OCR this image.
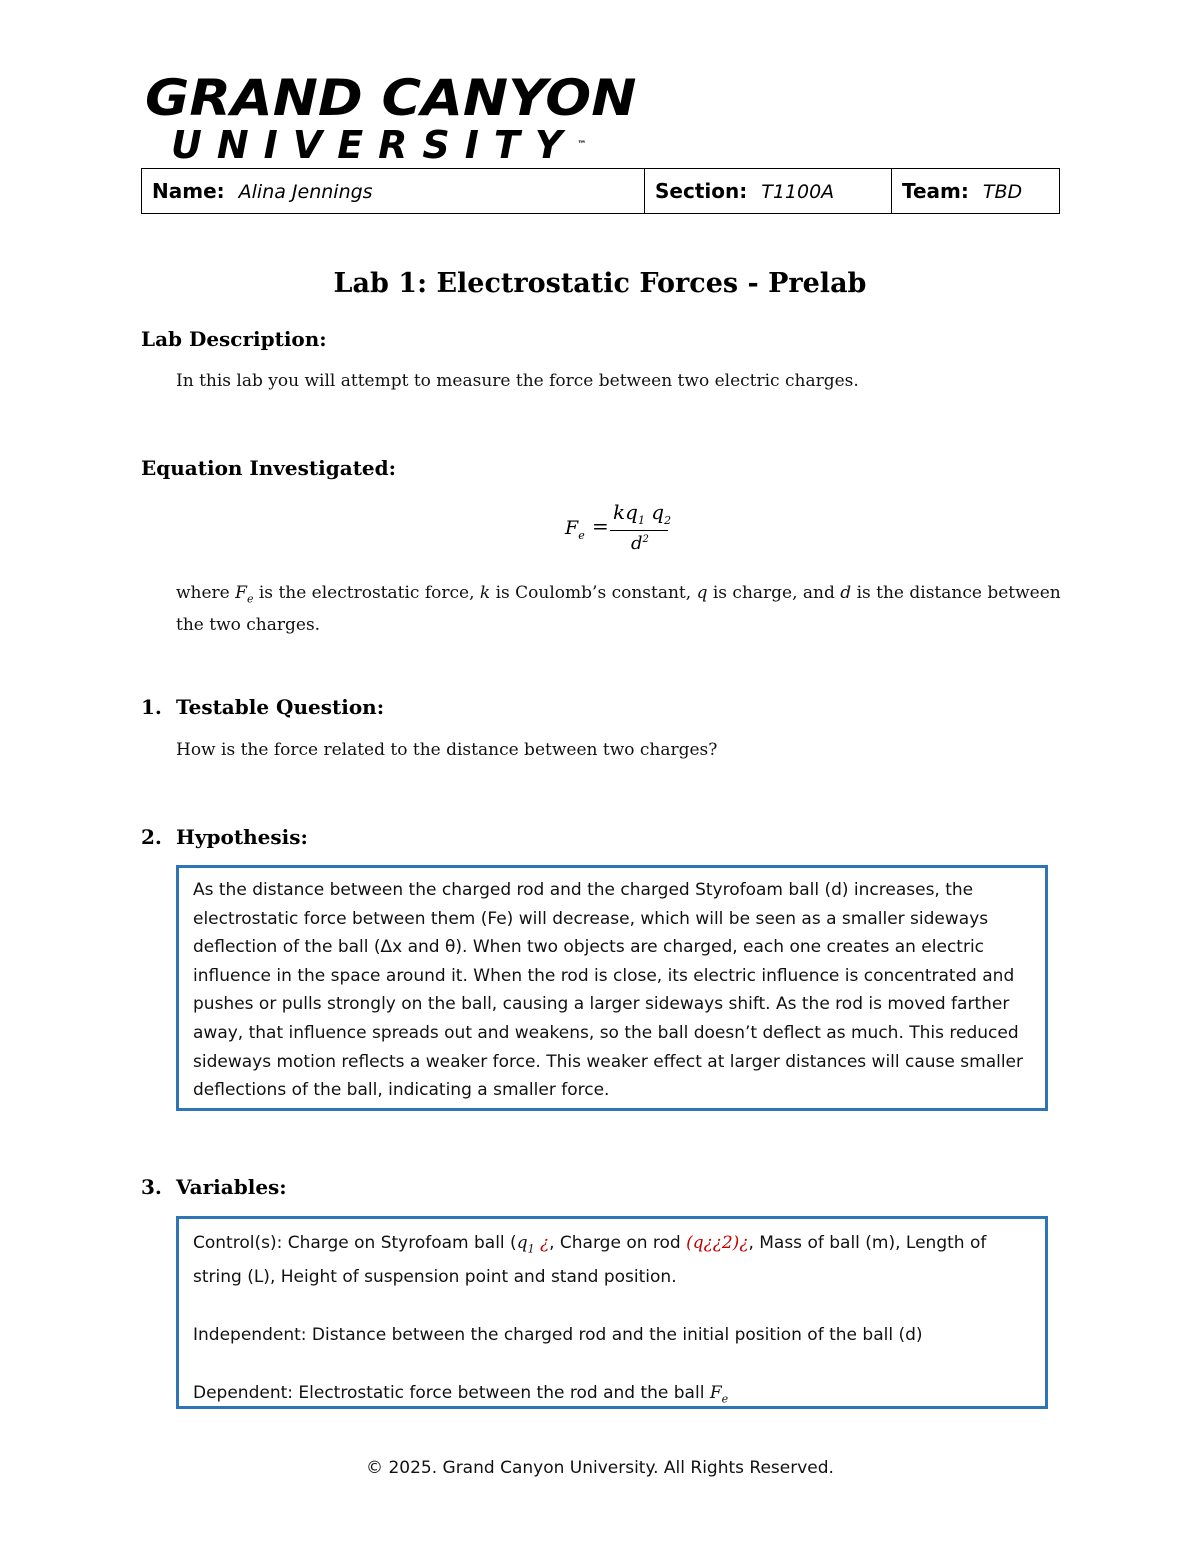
GRAND CANYON
UNIVERSITY™
Name: Alina Jennings	Section: T1100A	Team: TBD
Lab 1: Electrostatic Forces - Prelab
Lab Description:
In this lab you will attempt to measure the force between two electric charges.
Equation Investigated:
$F_e$ =
$kq_1$ $q_2$
$d^2$
where $F_e$ is the electrostatic force, k is Coulomb’s constant, q is charge, and d is the distance between
the two charges.
1. Testable Question:
How is the force related to the distance between two charges?
2. Hypothesis:
As the distance between the charged rod and the charged Styrofoam ball (d) increases, the
electrostatic force between them (Fe) will decrease, which will be seen as a smaller sideways
deflection of the ball (Δx and θ). When two objects are charged, each one creates an electric
influence in the space around it. When the rod is close, its electric influence is concentrated and
pushes or pulls strongly on the ball, causing a larger sideways shift. As the rod is moved farther
away, that influence spreads out and weakens, so the ball doesn’t deflect as much. This reduced
sideways motion reflects a weaker force. This weaker effect at larger distances will cause smaller
deflections of the ball, indicating a smaller force.
3. Variables:
Control(s): Charge on Styrofoam ball ($q_1$ ¿, Charge on rod (q¿¿2)¿, Mass of ball (m), Length of
string (L), Height of suspension point and stand position.
Independent: Distance between the charged rod and the initial position of the ball (d)
Dependent: Electrostatic force between the rod and the ball $F_e$
© 2025. Grand Canyon University. All Rights Reserved.
